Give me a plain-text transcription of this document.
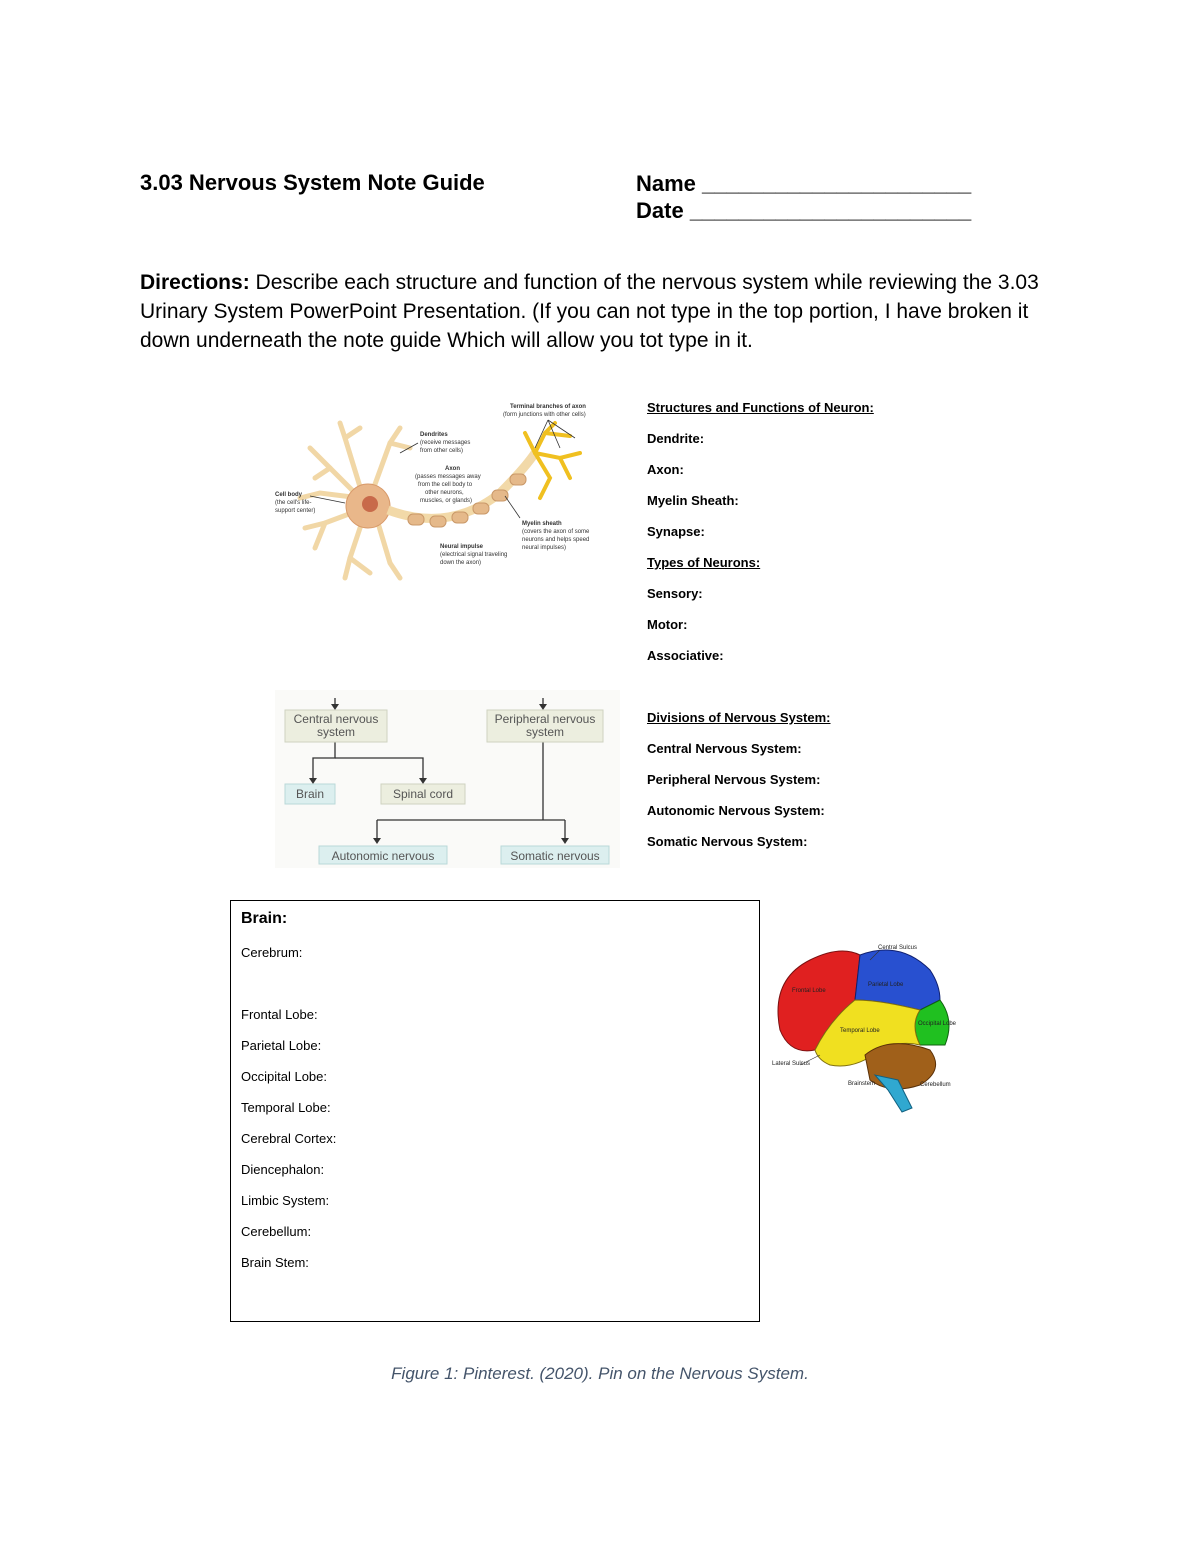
3.03 Nervous System Note Guide	Name ______________________
Date _______________________
Directions: Describe each structure and function of the nervous system while reviewing the 3.03 Urinary System PowerPoint Presentation. (If you can not type in the top portion, I have broken it down underneath the note guide Which will allow you tot type in it.
Terminal branches of axon
(form junctions with other cells)
Dendrites
(receive messages
from other cells)
Axon
(passes messages away
from the cell body to
other neurons,
muscles, or glands)
Cell body
(the cell's life-
support center)
Myelin sheath
(covers the axon of some
neurons and helps speed
neural impulses)
Neural impulse
(electrical signal traveling
down the axon)
Structures and Functions of Neuron:
Dendrite:
Axon:
Myelin Sheath:
Synapse:
Types of Neurons:
Sensory:
Motor:
Associative:
Central nervous
system
Peripheral nervous
system
Brain	Spinal cord
Autonomic nervous	Somatic nervous
Divisions of Nervous System:
Central Nervous System:
Peripheral Nervous System:
Autonomic Nervous System:
Somatic Nervous System:
Brain:
Cerebrum:
Frontal Lobe:
Parietal Lobe:
Occipital Lobe:
Temporal Lobe:
Cerebral Cortex:
Diencephalon:
Limbic System:
Cerebellum:
Brain Stem:
Central Sulcus
Frontal Lobe
Parietal Lobe
Occipital Lobe
Temporal Lobe
Lateral Sulcus
Brainstem	Cerebellum
Figure 1: Pinterest. (2020). Pin on the Nervous System.
